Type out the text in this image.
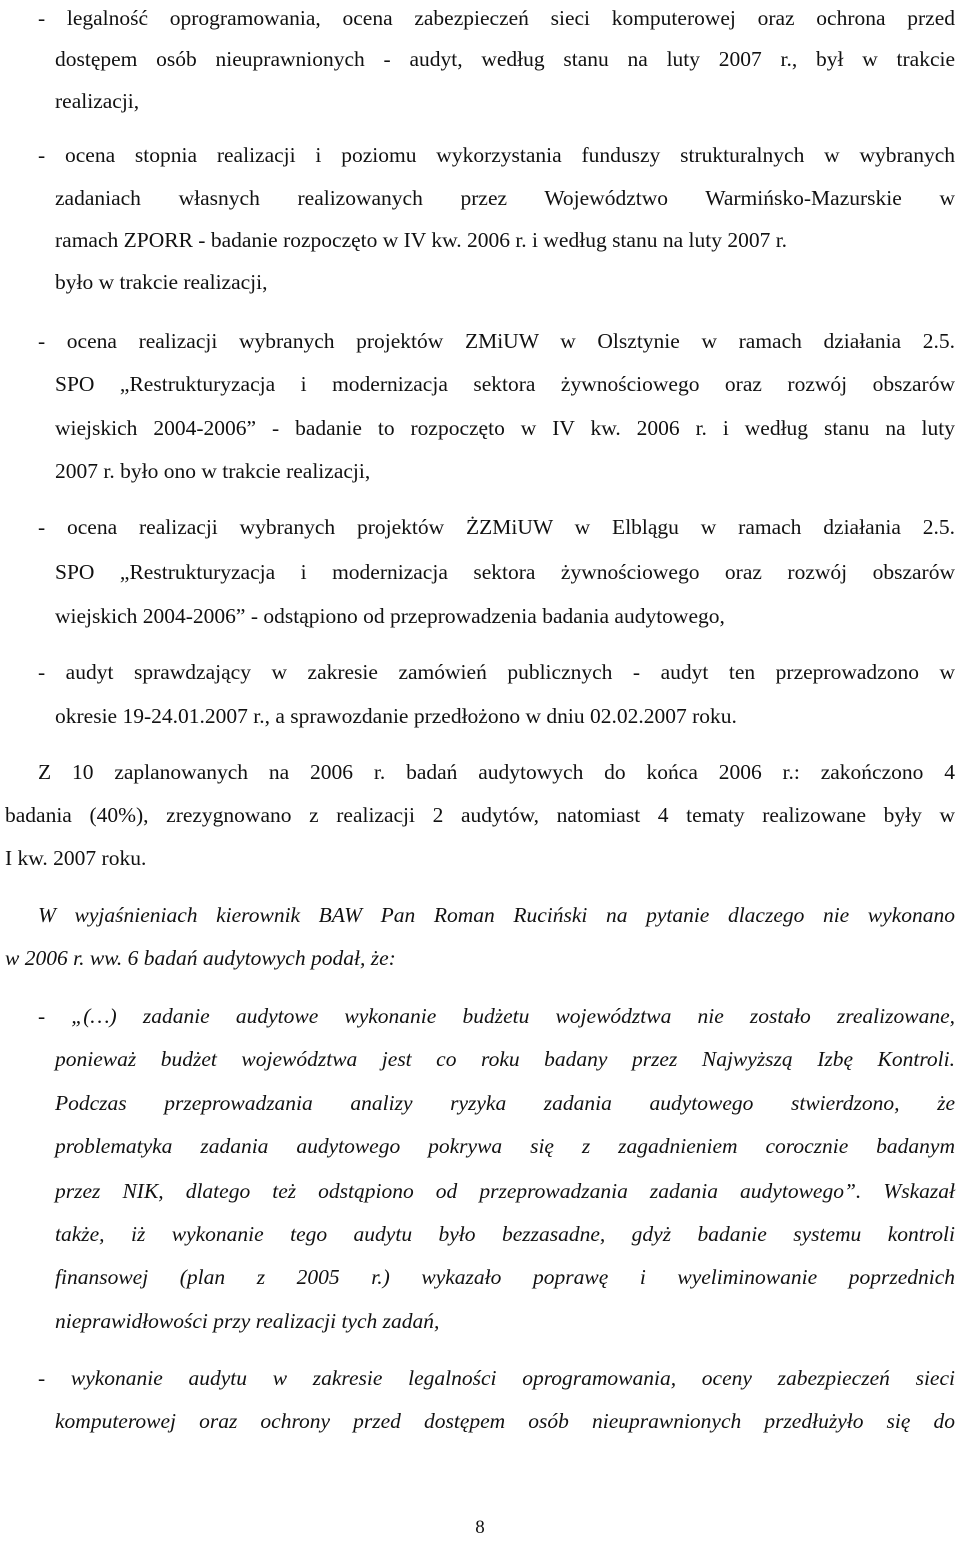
- legalność oprogramowania, ocena zabezpieczeń sieci komputerowej oraz ochrona przed
dostępem osób nieuprawnionych - audyt, według stanu na luty 2007 r., był w trakcie
realizacji,
- ocena stopnia realizacji i poziomu wykorzystania funduszy strukturalnych w wybranych
zadaniach własnych realizowanych przez Województwo Warmińsko-Mazurskie w
ramach ZPORR - badanie rozpoczęto w IV kw. 2006 r. i według stanu na luty 2007 r.
było w trakcie realizacji,
- ocena realizacji wybranych projektów ZMiUW w Olsztynie w ramach działania 2.5.
SPO „Restrukturyzacja i modernizacja sektora żywnościowego oraz rozwój obszarów
wiejskich 2004-2006” - badanie to rozpoczęto w IV kw. 2006 r. i według stanu na luty
2007 r. było ono w trakcie realizacji,
- ocena realizacji wybranych projektów ŻZMiUW w Elblągu w ramach działania 2.5.
SPO „Restrukturyzacja i modernizacja sektora żywnościowego oraz rozwój obszarów
wiejskich 2004-2006” - odstąpiono od przeprowadzenia badania audytowego,
- audyt sprawdzający w zakresie zamówień publicznych - audyt ten przeprowadzono w
okresie 19-24.01.2007 r., a sprawozdanie przedłożono w dniu 02.02.2007 roku.
Z 10 zaplanowanych na 2006 r. badań audytowych do końca 2006 r.: zakończono 4
badania (40%), zrezygnowano z realizacji 2 audytów, natomiast 4 tematy realizowane były w
I kw. 2007 roku.
W wyjaśnieniach kierownik BAW Pan Roman Ruciński na pytanie dlaczego nie wykonano
w 2006 r. ww. 6 badań audytowych podał, że:
- „(…) zadanie audytowe wykonanie budżetu województwa nie zostało zrealizowane,
ponieważ budżet województwa jest co roku badany przez Najwyższą Izbę Kontroli.
Podczas przeprowadzania analizy ryzyka zadania audytowego stwierdzono, że
problematyka zadania audytowego pokrywa się z zagadnieniem corocznie badanym
przez NIK, dlatego też odstąpiono od przeprowadzania zadania audytowego”. Wskazał
także, iż wykonanie tego audytu było bezzasadne, gdyż badanie systemu kontroli
finansowej (plan z 2005 r.) wykazało poprawę i wyeliminowanie poprzednich
nieprawidłowości przy realizacji tych zadań,
- wykonanie audytu w zakresie legalności oprogramowania, oceny zabezpieczeń sieci
komputerowej oraz ochrony przed dostępem osób nieuprawnionych przedłużyło się do
8
